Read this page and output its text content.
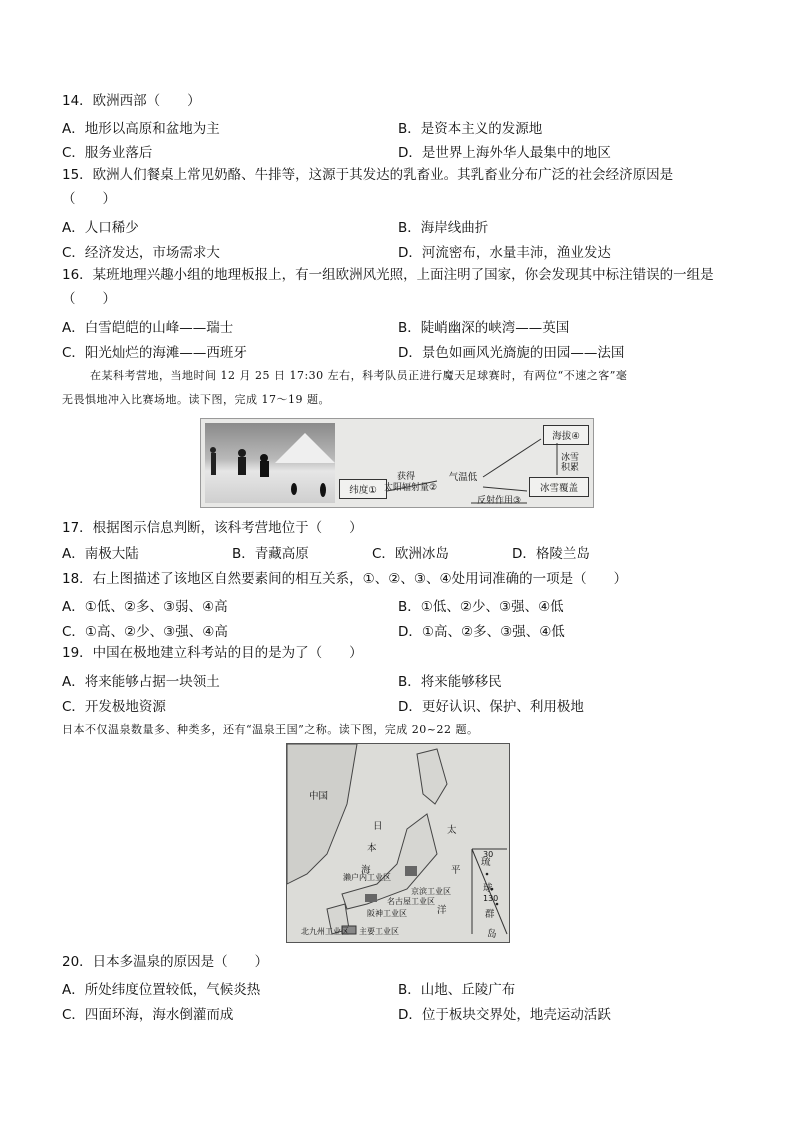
14．欧洲西部（　　）
A．地形以高原和盆地为主	B．是资本主义的发源地
C．服务业落后	D．是世界上海外华人最集中的地区
15．欧洲人们餐桌上常见奶酪、牛排等，这源于其发达的乳畜业。其乳畜业分布广泛的社会经济原因是
（　　）
A．人口稀少	B．海岸线曲折
C．经济发达，市场需求大	D．河流密布，水量丰沛，渔业发达
16．某班地理兴趣小组的地理板报上，有一组欧洲风光照，上面注明了国家，你会发现其中标注错误的一组是
（　　）
A．白雪皑皑的山峰——瑞士	B．陡峭幽深的峡湾——英国
C．阳光灿烂的海滩——西班牙	D．景色如画风光旖旎的田园——法国
在某科考营地，当地时间 12 月 25 日 17:30 左右，科考队员正进行魔天足球赛时，有两位“不速之客”毫
无畏惧地冲入比赛场地。读下图，完成 17～19 题。
纬度①
获得
太阳辐射量②
气温低
冰雪覆盖
反射作用③
海拔④
冰雪积累
17．根据图示信息判断，该科考营地位于（　　）
A．南极大陆	B．青藏高原	C．欧洲冰岛	D．格陵兰岛
18．右上图描述了该地区自然要素间的相互关系，①、②、③、④处用词准确的一项是（　　）
A．①低、②多、③弱、④高	B．①低、②少、③强、④低
C．①高、②少、③强、④高	D．①高、②多、③强、④低
19．中国在极地建立科考站的目的是为了（　　）
A．将来能够占据一块领土	B．将来能够移民
C．开发极地资源	D．更好认识、保护、利用极地
日本不仅温泉数量多、种类多，还有“温泉王国”之称。读下图，完成 20~22 题。
中国
日
本
海
太
平
洋
濑户内工业区
京滨工业区
名古屋工业区
阪神工业区
北九州工业区 主要工业区
琉
球
群
岛
30
130
20．日本多温泉的原因是（　　）
A．所处纬度位置较低，气候炎热	B．山地、丘陵广布
C．四面环海，海水倒灌而成	D．位于板块交界处，地壳运动活跃
